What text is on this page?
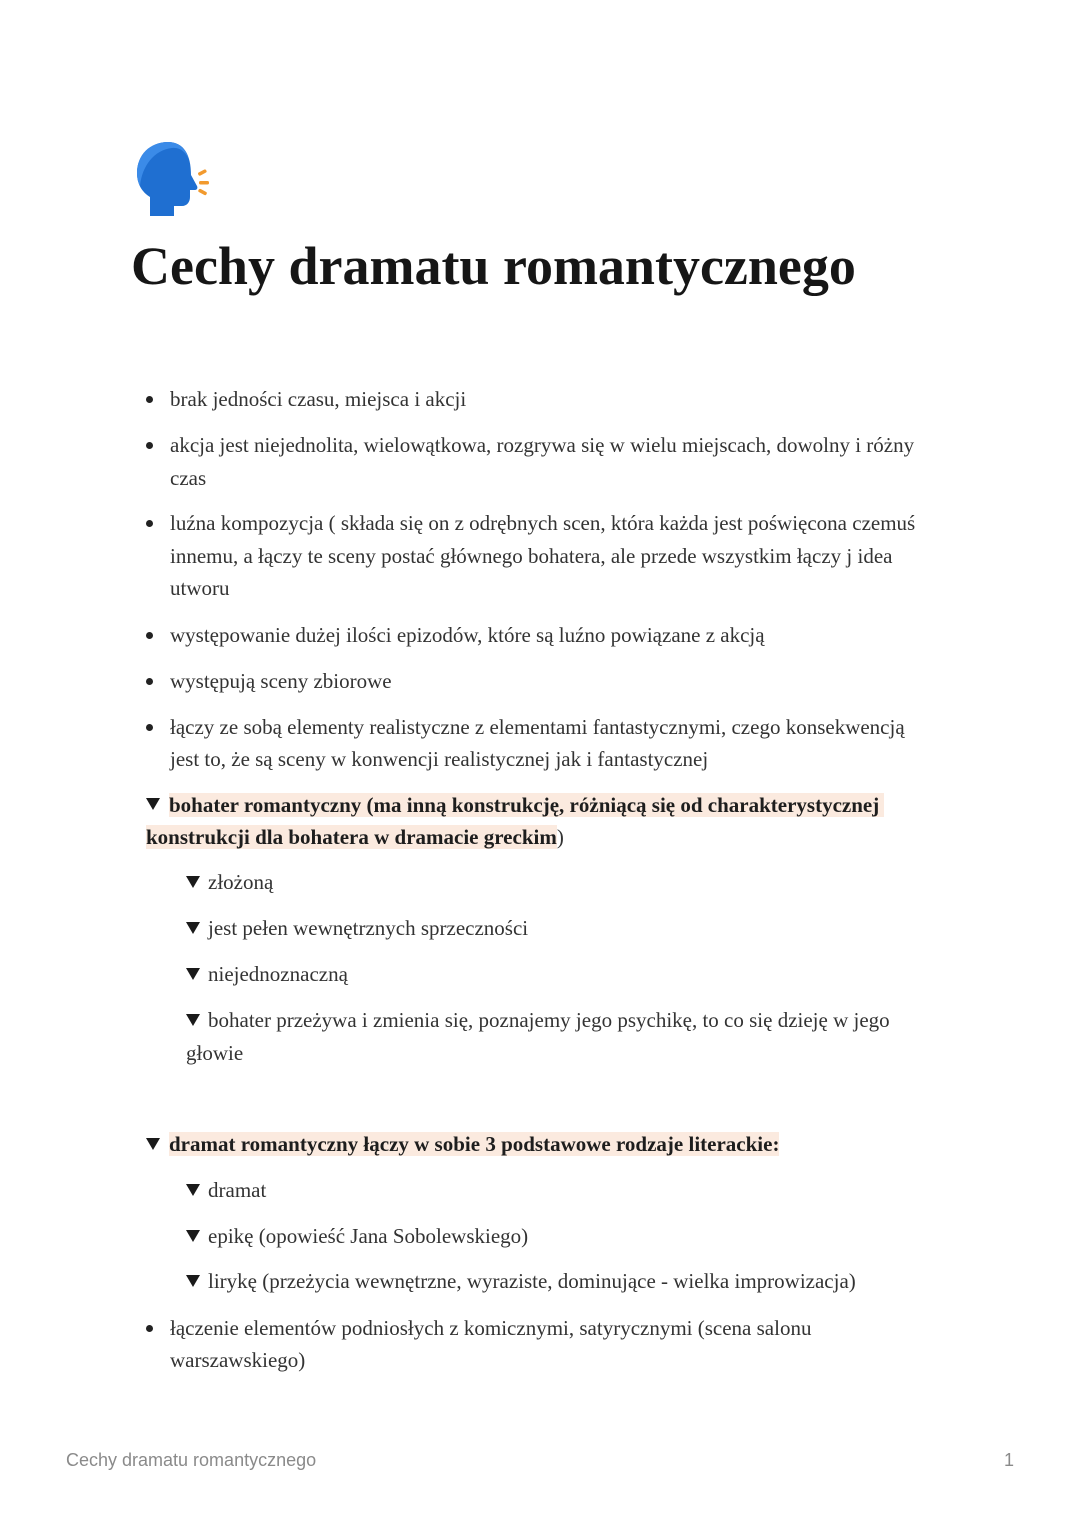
Cechy dramatu romantycznego
brak jedności czasu, miejsca i akcji
akcja jest niejednolita, wielowątkowa, rozgrywa się w wielu miejscach, dowolny i różny
czas
luźna kompozycja ( składa się on z odrębnych scen, która każda jest poświęcona czemuś
innemu, a łączy te sceny postać głównego bohatera, ale przede wszystkim łączy j idea
utworu
występowanie dużej ilości epizodów, które są luźno powiązane z akcją
występują sceny zbiorowe
łączy ze sobą elementy realistyczne z elementami fantastycznymi, czego konsekwencją
jest to, że są sceny w konwencji realistycznej jak i fantastycznej
bohater romantyczny (ma inną konstrukcję, różniącą się od charakterystycznej
konstrukcji dla bohatera w dramacie greckim)
złożoną
jest pełen wewnętrznych sprzeczności
niejednoznaczną
bohater przeżywa i zmienia się, poznajemy jego psychikę, to co się dzieję w jego
głowie
dramat romantyczny łączy w sobie 3 podstawowe rodzaje literackie:
dramat
epikę (opowieść Jana Sobolewskiego)
lirykę (przeżycia wewnętrzne, wyraziste, dominujące - wielka improwizacja)
łączenie elementów podniosłych z komicznymi, satyrycznymi (scena salonu
warszawskiego)
Cechy dramatu romantycznego	1
